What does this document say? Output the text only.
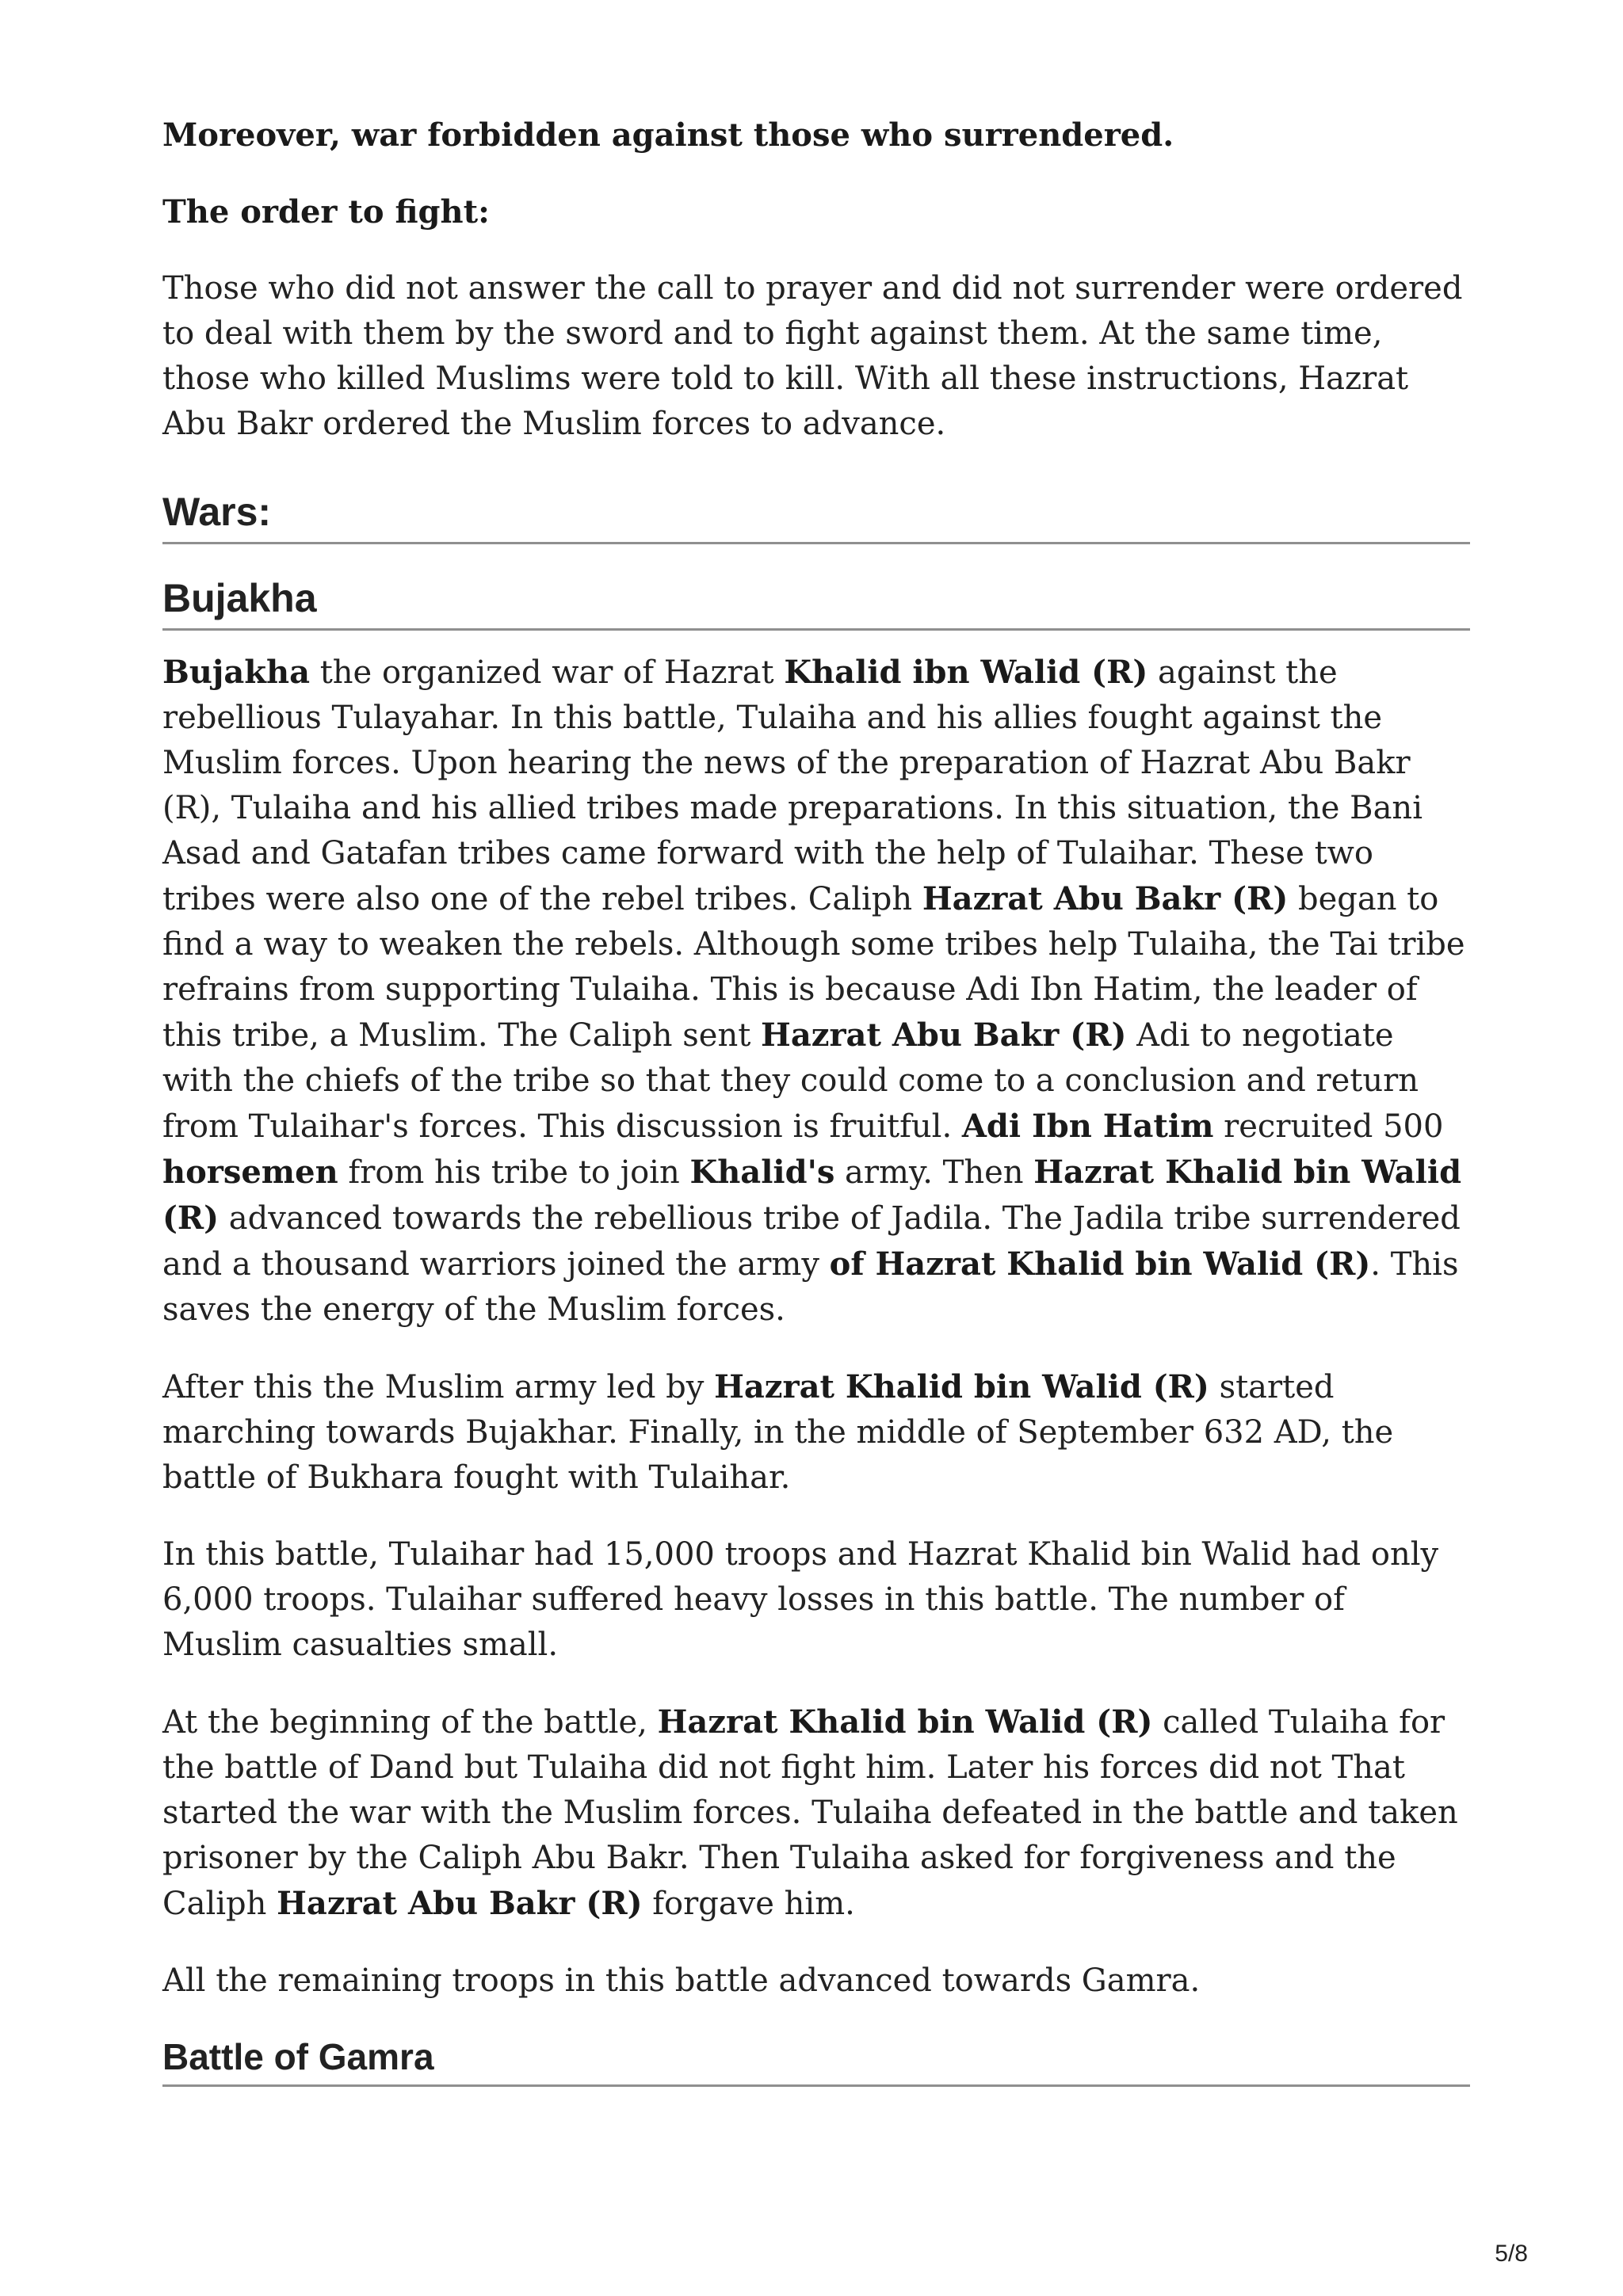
Moreover, war forbidden against those who surrendered.

The order to fight:

Those who did not answer the call to prayer and did not surrender were ordered to deal with them by the sword and to fight against them. At the same time, those who killed Muslims were told to kill. With all these instructions, Hazrat Abu Bakr ordered the Muslim forces to advance.

Wars:
Bujakha

Bujakha the organized war of Hazrat Khalid ibn Walid (R) against the rebellious Tulayahar. In this battle, Tulaiha and his allies fought against the Muslim forces. Upon hearing the news of the preparation of Hazrat Abu Bakr (R), Tulaiha and his allied tribes made preparations. In this situation, the Bani Asad and Gatafan tribes came forward with the help of Tulaihar. These two tribes were also one of the rebel tribes. Caliph Hazrat Abu Bakr (R) began to find a way to weaken the rebels. Although some tribes help Tulaiha, the Tai tribe refrains from supporting Tulaiha. This is because Adi Ibn Hatim, the leader of this tribe, a Muslim. The Caliph sent Hazrat Abu Bakr (R) Adi to negotiate with the chiefs of the tribe so that they could come to a conclusion and return from Tulaihar's forces. This discussion is fruitful. Adi Ibn Hatim recruited 500 horsemen from his tribe to join Khalid's army. Then Hazrat Khalid bin Walid (R) advanced towards the rebellious tribe of Jadila. The Jadila tribe surrendered and a thousand warriors joined the army of Hazrat Khalid bin Walid (R). This saves the energy of the Muslim forces.

After this the Muslim army led by Hazrat Khalid bin Walid (R) started marching towards Bujakhar. Finally, in the middle of September 632 AD, the battle of Bukhara fought with Tulaihar.

In this battle, Tulaihar had 15,000 troops and Hazrat Khalid bin Walid had only 6,000 troops. Tulaihar suffered heavy losses in this battle. The number of Muslim casualties small.

At the beginning of the battle, Hazrat Khalid bin Walid (R) called Tulaiha for the battle of Dand but Tulaiha did not fight him. Later his forces did not That started the war with the Muslim forces. Tulaiha defeated in the battle and taken prisoner by the Caliph Abu Bakr. Then Tulaiha asked for forgiveness and the Caliph Hazrat Abu Bakr (R) forgave him.

All the remaining troops in this battle advanced towards Gamra.

Battle of Gamra
5/8
